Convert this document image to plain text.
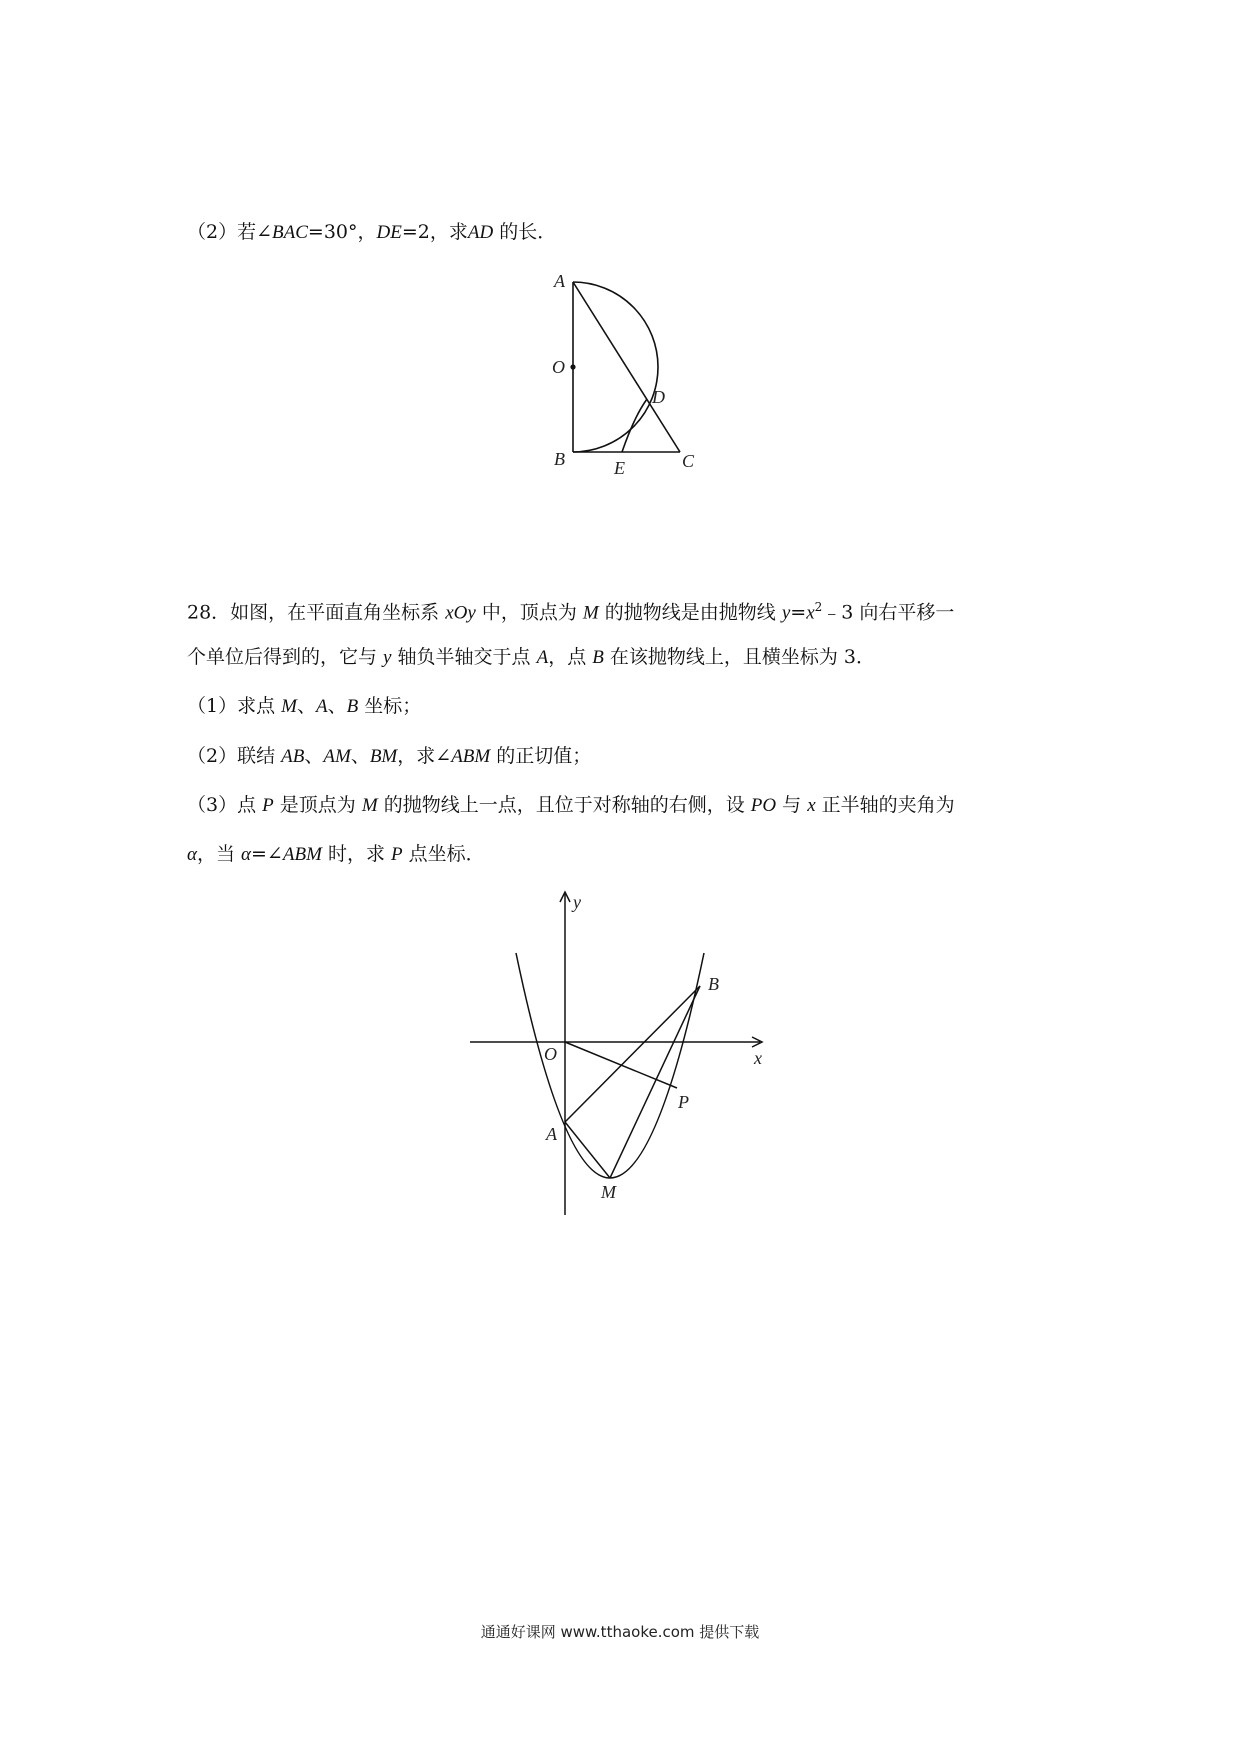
（2）若∠BAC=30°，DE=2，求AD 的长．

A
O
D
B	E	C

28．如图，在平面直角坐标系 xOy 中，顶点为 M 的抛物线是由抛物线 $y=x^2﹣3$ 向右平移一

个单位后得到的，它与 y 轴负半轴交于点 A，点 B 在该抛物线上，且横坐标为 3．

（1）求点 M、A、B 坐标；

（2）联结 AB、AM、BM，求∠ABM 的正切值；

（3）点 P 是顶点为 M 的抛物线上一点，且位于对称轴的右侧，设 PO 与 x 正半轴的夹角为

α，当 α=∠ABM 时，求 P 点坐标．

y
x
O
B
P
A
M

通通好课网 www.tthaoke.com 提供下载
